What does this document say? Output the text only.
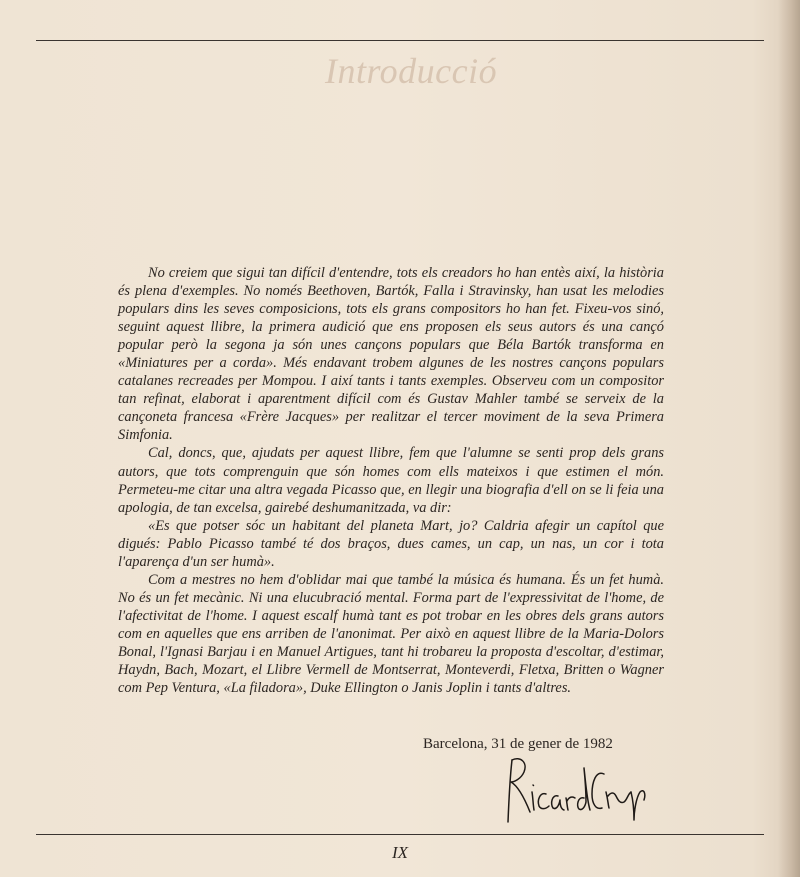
Introducció

No creiem que sigui tan difícil d'entendre, tots els creadors ho han entès així, la història és plena d'exemples. No només Beethoven, Bartók, Falla i Stravinsky, han usat les melodies populars dins les seves composicions, tots els grans compositors ho han fet. Fixeu-vos sinó, seguint aquest llibre, la primera audició que ens proposen els seus autors és una cançó popular però la segona ja són unes cançons populars que Béla Bartók transforma en «Miniatures per a corda». Més endavant trobem algunes de les nostres cançons populars catalanes recreades per Mompou. I així tants i tants exemples. Observeu com un compositor tan refinat, elaborat i aparentment difícil com és Gustav Mahler també se serveix de la cançoneta francesa «Frère Jacques» per realitzar el tercer moviment de la seva Primera Simfonia.

Cal, doncs, que, ajudats per aquest llibre, fem que l'alumne se senti prop dels grans autors, que tots comprenguin que són homes com ells mateixos i que estimen el món. Permeteu-me citar una altra vegada Picasso que, en llegir una biografia d'ell on se li feia una apologia, de tan excelsa, gairebé deshumanitzada, va dir:

«Es que potser sóc un habitant del planeta Mart, jo? Caldria afegir un capítol que digués: Pablo Picasso també té dos braços, dues cames, un cap, un nas, un cor i tota l'aparença d'un ser humà».

Com a mestres no hem d'oblidar mai que també la música és humana. És un fet humà. No és un fet mecànic. Ni una elucubració mental. Forma part de l'expressivitat de l'home, de l'afectivitat de l'home. I aquest escalf humà tant es pot trobar en les obres dels grans autors com en aquelles que ens arriben de l'anonimat. Per això en aquest llibre de la Maria-Dolors Bonal, l'Ignasi Barjau i en Manuel Artigues, tant hi trobareu la proposta d'escoltar, d'estimar, Haydn, Bach, Mozart, el Llibre Vermell de Montserrat, Monteverdi, Fletxa, Britten o Wagner com Pep Ventura, «La filadora», Duke Ellington o Janis Joplin i tants d'altres.

Barcelona, 31 de gener de 1982
IX
